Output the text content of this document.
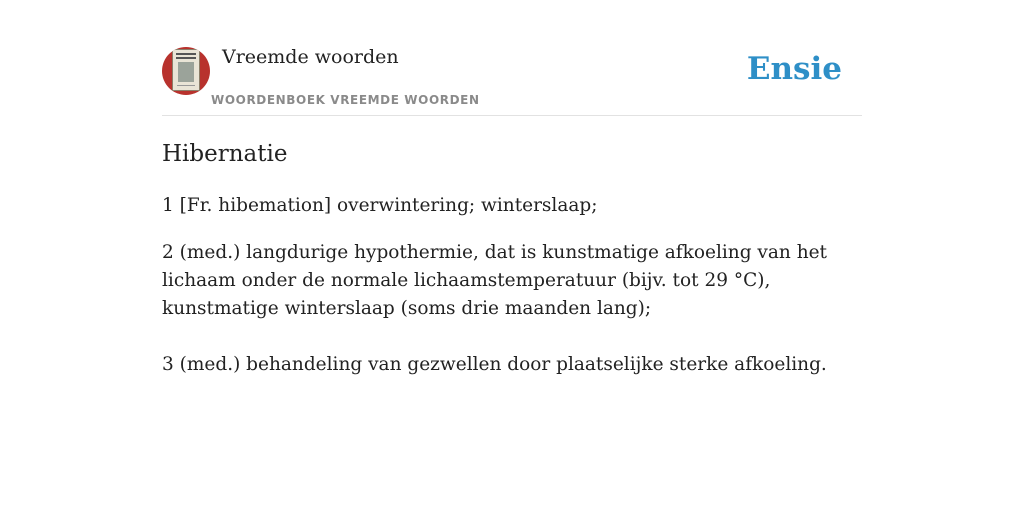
Vreemde woorden
WOORDENBOEK VREEMDE WOORDEN
Ensie
Hibernatie

1 [Fr. hibemation] overwintering; winterslaap;

2 (med.) langdurige hypothermie, dat is kunstmatige afkoeling van het lichaam onder de normale lichaamstemperatuur (bijv. tot 29 °C), kunstmatige winterslaap (soms drie maanden lang);

3 (med.) behandeling van gezwellen door plaatselijke sterke afkoeling.
